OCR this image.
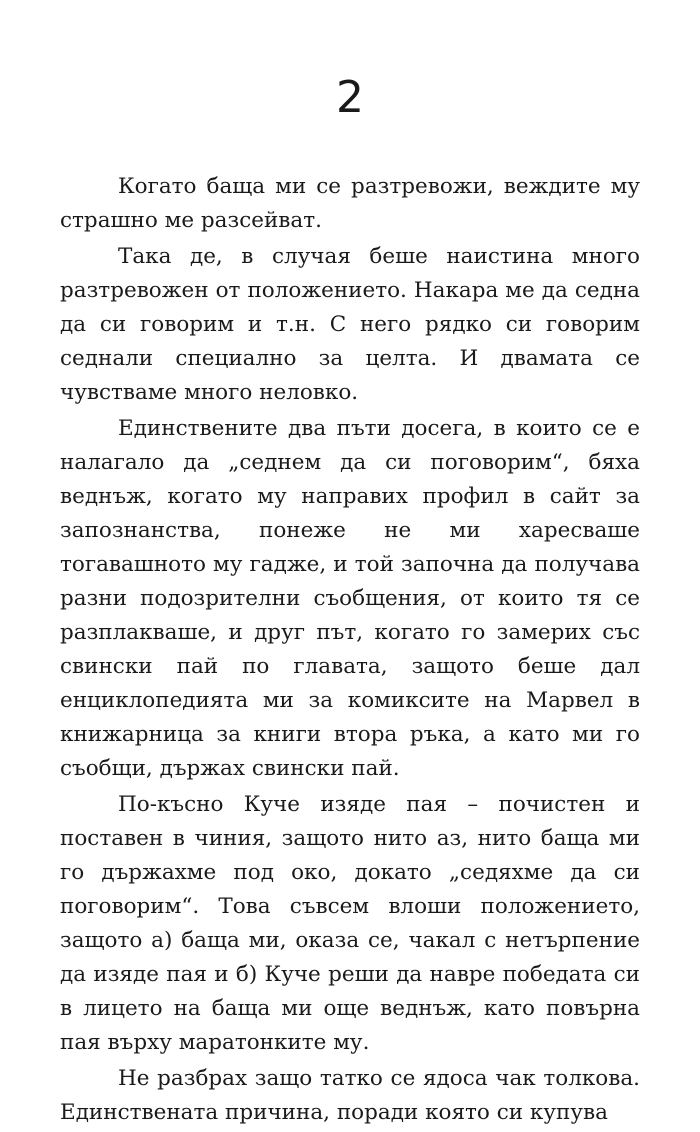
2

Когато баща ми се разтревожи, веждите му страшно ме разсейват.

Така де, в случая беше наистина много разтревожен от положението. Накара ме да седна да си говорим и т.н. С него рядко си говорим седнали специално за целта. И двамата се чувстваме много неловко.

Единствените два пъти досега, в които се е налагало да „седнем да си поговорим“, бяха веднъж, когато му направих профил в сайт за запознанства, понеже не ми харесваше тогавашното му гадже, и той започна да получава разни подозрителни съобщения, от които тя се разплакваше, и друг път, когато го замерих със свински пай по главата, защото беше дал енциклопедията ми за комиксите на Марвел в книжарница за книги втора ръка, а като ми го съобщи, държах свински пай.

По-късно Куче изяде пая – почистен и поставен в чиния, защото нито аз, нито баща ми го държахме под око, докато „седяхме да си поговорим“. Това съвсем влоши положението, защото а) баща ми, оказа се, чакал с нетърпение да изяде пая и б) Куче реши да навре победата си в лицето на баща ми още веднъж, като повърна пая върху маратонките му.

Не разбрах защо татко се ядоса чак толкова. Единствената причина, поради която си купува
